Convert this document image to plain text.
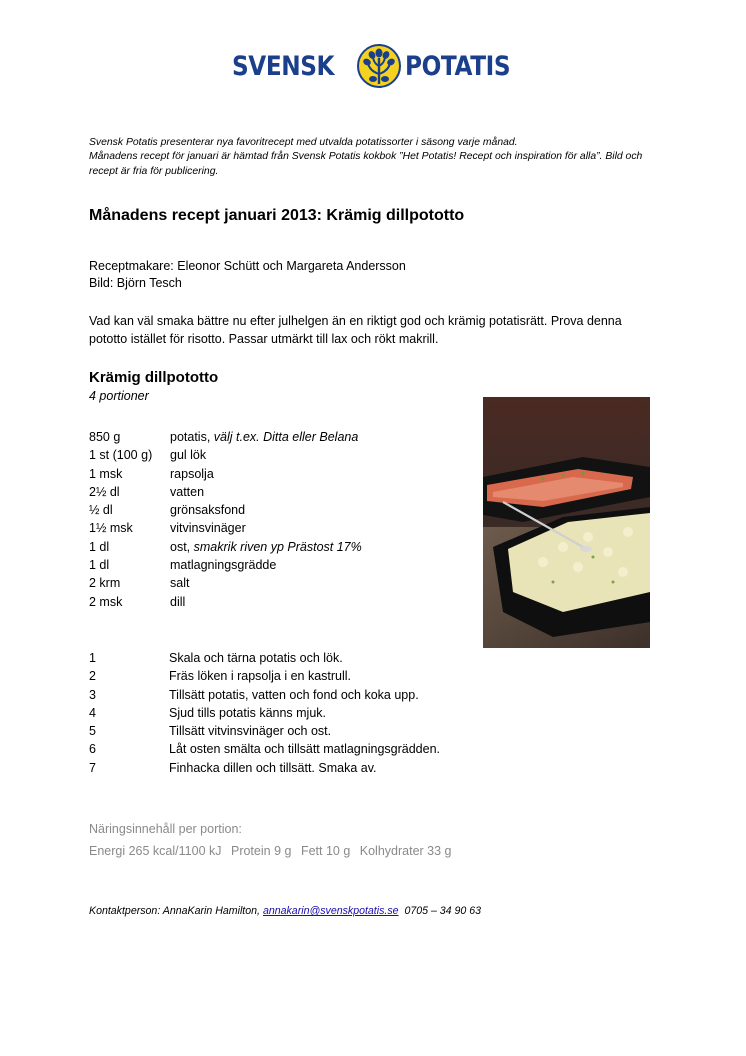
SVENSK	POTATIS
Svensk Potatis presenterar nya favoritrecept med utvalda potatissorter i säsong varje månad.
Månadens recept för januari är hämtad från Svensk Potatis kokbok ”Het Potatis! Recept och inspiration för alla”. Bild och recept är fria för publicering.
Månadens recept januari 2013: Krämig dillpototto
Receptmakare: Eleonor Schütt och Margareta Andersson
Bild: Björn Tesch
Vad kan väl smaka bättre nu efter julhelgen än en riktigt god och krämig potatisrätt. Prova denna pototto istället för risotto. Passar utmärkt till lax och rökt makrill.
Krämig dillpototto
4 portioner
850 g	potatis, välj t.ex. Ditta eller Belana
1 st (100 g)	gul lök
1 msk	rapsolja
2½ dl	vatten
½ dl	grönsaksfond
1½ msk	vitvinsvinäger
1 dl	ost, smakrik riven yp Prästost 17%
1 dl	matlagningsgrädde
2 krm	salt
2 msk	dill
1	Skala och tärna potatis och lök.
2	Fräs löken i rapsolja i en kastrull.
3	Tillsätt potatis, vatten och fond och koka upp.
4	Sjud tills potatis känns mjuk.
5	Tillsätt vitvinsvinäger och ost.
6	Låt osten smälta och tillsätt matlagningsgrädden.
7	Finhacka dillen och tillsätt. Smaka av.
Näringsinnehåll per portion:
Energi 265 kcal/1100 kJ Protein 9 g Fett 10 g Kolhydrater 33 g
Kontaktperson: AnnaKarin Hamilton, annakarin@svenskpotatis.se 0705 – 34 90 63
